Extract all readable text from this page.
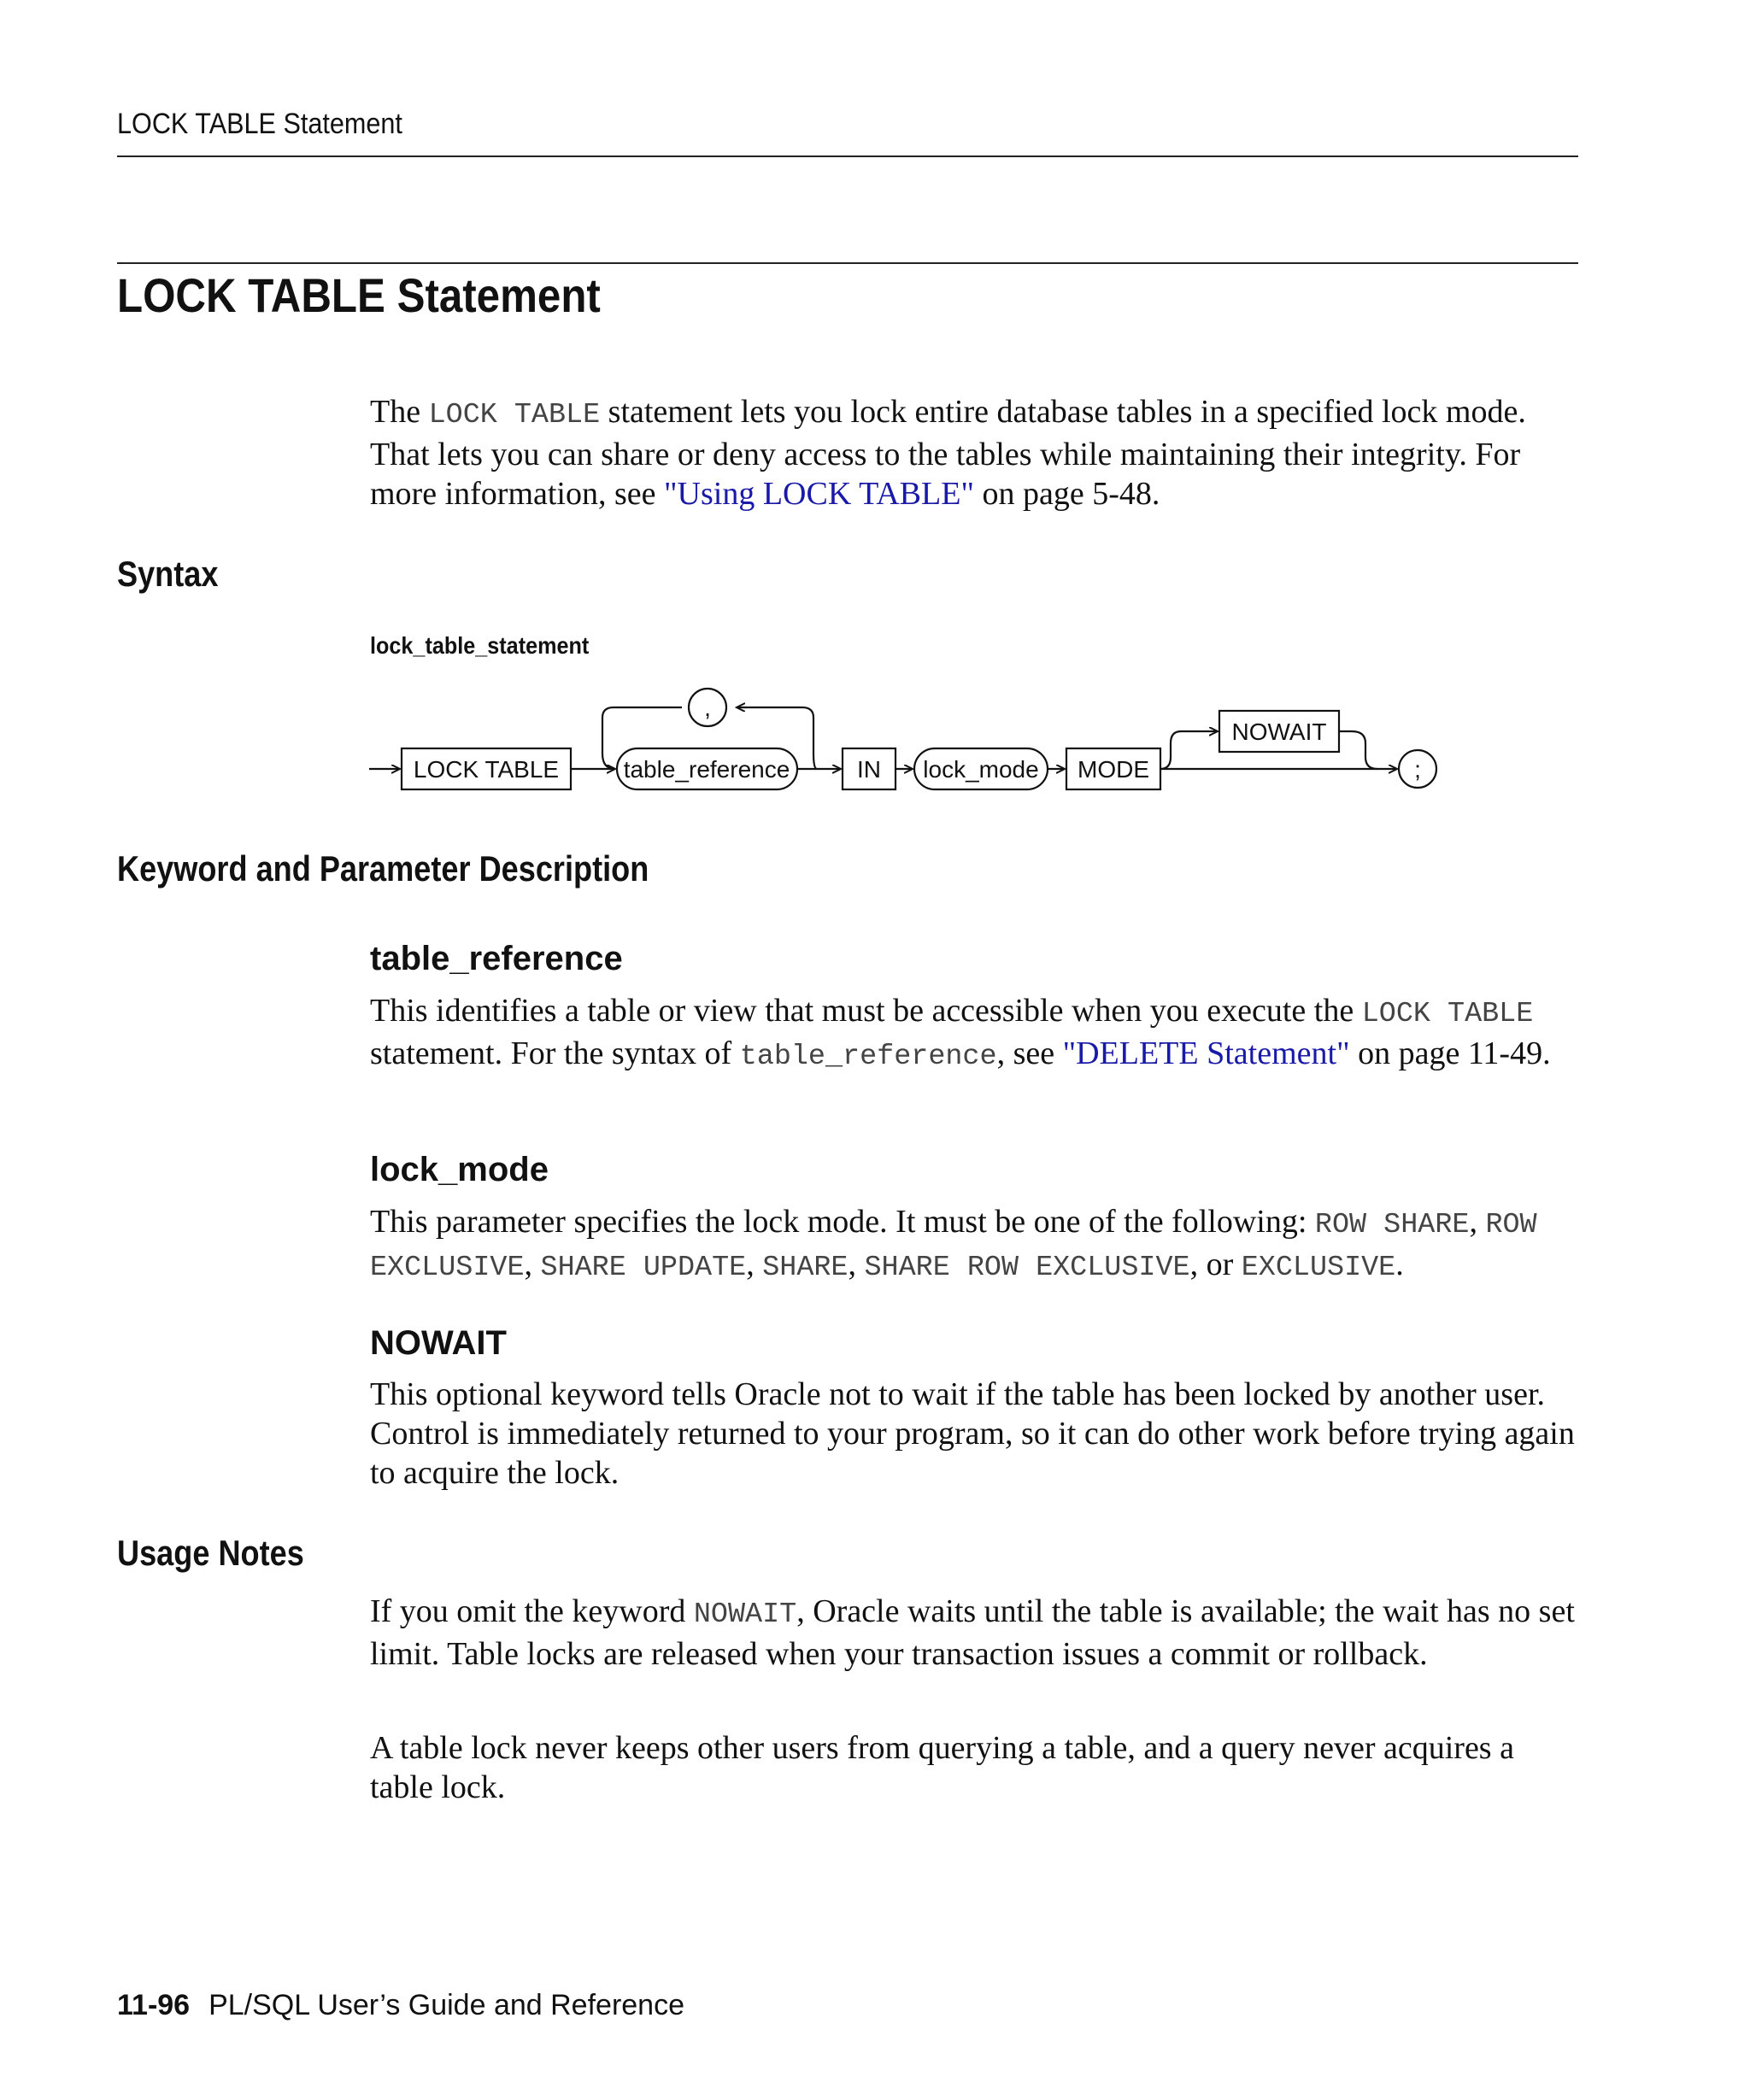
LOCK TABLE Statement
LOCK TABLE Statement

The LOCK TABLE statement lets you lock entire database tables in a specified lock mode. That lets you can share or deny access to the tables while maintaining their integrity. For more information, see "Using LOCK TABLE" on page 5-48.

Syntax
lock_table_statement
LOCK TABLE
,
table_reference	IN lock_mode MODE
NOWAIT
;
Keyword and Parameter Description
table_reference

This identifies a table or view that must be accessible when you execute the LOCK TABLE statement. For the syntax of table_reference, see "DELETE Statement" on page 11-49.

lock_mode

This parameter specifies the lock mode. It must be one of the following: ROW SHARE, ROW EXCLUSIVE, SHARE UPDATE, SHARE, SHARE ROW EXCLUSIVE, or EXCLUSIVE.

NOWAIT

This optional keyword tells Oracle not to wait if the table has been locked by another user. Control is immediately returned to your program, so it can do other work before trying again to acquire the lock.

Usage Notes

If you omit the keyword NOWAIT, Oracle waits until the table is available; the wait has no set limit. Table locks are released when your transaction issues a commit or rollback.

A table lock never keeps other users from querying a table, and a query never acquires a table lock.

11-96 PL/SQL User’s Guide and Reference
